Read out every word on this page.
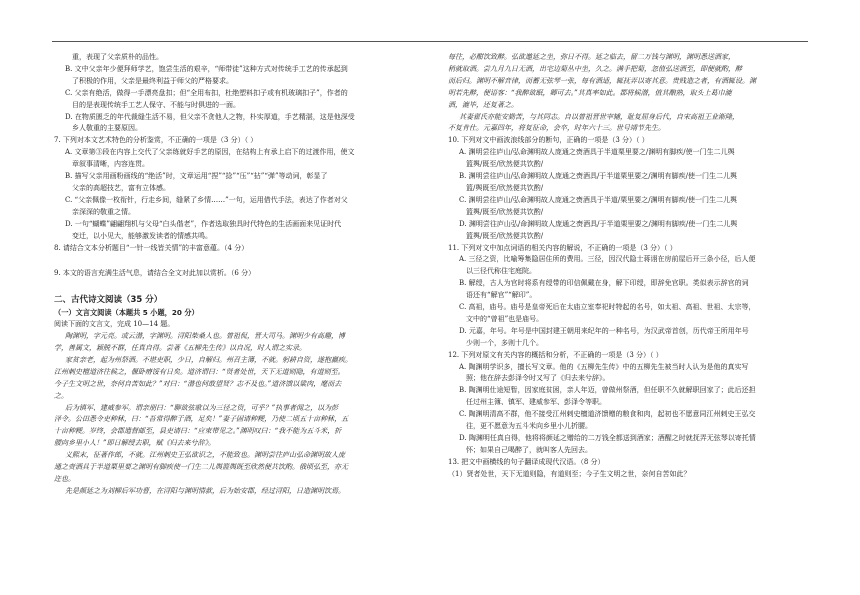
重，表现了父亲质朴的品性。
B. 文中父亲年少便拜师学艺，饱尝生活的艰辛，“师带徒”这种方式对传统手工艺的传承起到
了积极的作用，父亲是最终利益于师父的严格要求。
C. 父亲有绝活，做得一手漂亮盘扣；但“全用布扣，杜绝塑料扣子或有机玻璃扣子”，作者的
目的是表现传统手工艺人保守、不能与时俱进的一面。
D. 在物质匮乏的年代裁缝生活不易，但父亲不贪他人之物，朴实厚道，手艺精湛，这是他深受
乡人敬重的主要原因。
7. 下列对本文艺术特色的分析鉴赏，不正确的一项是（3 分）（ ）
A. 文章第③段在内容上交代了父亲练就好手艺的原因，在结构上有承上启下的过渡作用，使文
章叙事清晰，内容连贯。
B. 描写父亲用画粉画线的“绝活”时，文章运用“捏”“捻”“压”“拈”“弹”等动词，彰显了
父亲的高超技艺，富有立体感。
C. “父亲佩像一枚衔针，行走乡间，缝紧了乡情……”一句，运用借代手法，表达了作者对父
亲深深的敬重之情。
D. 一句“蝴蝶”翩翩翔机与父母“白头偕老”，作者选取独具时代特色的生活画面来见证时代
变迁，以小见大，能够激发读者的情感共鸣。
8. 请结合文本分析题目“一针一线皆关情”的丰富意蕴。（4 分）
9. 本文的语言充满生活气息，请结合全文对此加以赏析。（6 分）
二、古代诗文阅读（35 分）
（一）文言文阅读（本题共 5 小题，20 分）
阅读下面的文言文，完成 10—14 题。
陶渊明，字元亮。或云潜，字渊明。浔阳柴桑人也。曾祖侃，晋大司马。渊明少有高趣，博
学，善属文，颖脱不群，任真自得。尝著《五柳先生传》以自况，时人谓之实录。
家贫亲老，起为州祭酒。不堪吏职，少日，自解归。州召主簿，不就。躬耕自资，遂抱羸疾。
江州刺史檀道济往候之，偃卧瘠馁有日矣。道济谓曰：“贤者处世，天下无道则隐，有道则至。
今子生文明之世，奈何自苦如此？”对曰：“潜也何敢望贤？志不及也。”道济馈以粱肉，麾而去
之。
后为镇军、建威参军。谓亲朋曰：“聊欲弦歌以为三径之资，可乎？”执事者闻之，以为彭
泽令。公田悉令吏种秫，曰：“吾常得醉于酒，足矣！”妻子固请种粳，乃使二顷五十亩种秫，五
十亩种粳。岁终，会郡遣督邮至，县吏请曰：“应束带见之。”渊明叹曰：“我不能为五斗米，折
腰向乡里小人！”即日解绶去职，赋《归去来兮辞》。
义熙末，征著作郎，不就。江州刺史王弘欲识之，不能致也。渊明尝往庐山弘命渊明故人庞
通之赍酒具于半道栗里要之渊明有脚疾使一门生二儿舆篮舆既至欣然便共饮酌。俄顷弘至，亦无
迕也。
先是颜延之为刘柳后军功曹，在浔阳与渊明情款，后为始安郡，经过浔阳，日造渊明饮焉。
每往，必酣饮致醉。弘欲邀延之坐，弥日不得。延之临去，留二万钱与渊明，渊明悉送酒家，
稍就取酒。尝九月九日无酒，出宅边菊丛中坐，久之。满手把菊，忽值弘送酒至，即便就酌，醉
而后归。渊明不解音律，而蓄无弦琴一张，每有酒适，辄抚弄以寄其意。贵贱造之者，有酒辄设。渊
明若先醉，便语客：“我醉欲眠，卿可去。”其真率如此。郡将候潜，值其酿熟，取头上葛巾漉
酒，漉毕，还复著之。
其妻翟氏亦能安勤苦，与其同志。自以曾祖晋世宰辅，耻复屈身后代，自宋高祖王业渐隆，
不复肯仕。元嘉四年，将复征命，会卒，时年六十三。世号靖节先生。
10. 下列对文中画波浪线部分的断句，正确的一项是（3 分）（ ）
A. 渊明尝往庐山/弘命渊明故人庞通之赍酒具于半道栗里要之/渊明有脚疾/使一门生二儿舆
篮舆/既至/欣然便共饮酌/
B. 渊明尝往庐山/弘命渊明故人庞通之赍酒具/于半道栗里要之/渊明有脚疾/使一门生二儿舆
篮/舆既至/欣然便共饮酌/
C. 渊明尝往庐山/弘命渊明故人庞通之赍酒具于半道/栗里要之/渊明有脚疾/使一门生二儿舆
篮舆/既至/欣然便共饮酌/
D. 渊明尝往庐山弘/命渊明故人庞通之赍酒具/于半道栗里要之/渊明有脚疾/使一门生二儿舆
篮舆/既至/欣然便共饮酌/
11. 下列对文中加点词语的相关内容的解说，不正确的一项是（3 分）（ ）
A. 三径之资，比喻筹集隐居住所的费用。三径，因汉代隐士蒋诩在房前屋后开三条小径，后人便
以三径代称住宅庭院。
B. 解绶，古人为官时将系有绶带的印信佩戴在身，解下印绶，即辞免官职。类似表示辞官的词
语还有“解官”“解印”。
C. 高祖，庙号。庙号是皇帝死后在太庙立室奉祀时特起的名号，如太祖、高祖、世祖、太宗等，
文中的“曾祖”也是庙号。
D. 元嘉，年号。年号是中国封建王朝用来纪年的一种名号，为汉武帝首创，历代帝王所用年号
少则一个，多则十几个。
12. 下列对原文有关内容的概括和分析，不正确的一项是（3 分）（ ）
A. 陶渊明学识多，擅长写文章。他的《五柳先生传》中的五柳先生被当时人认为是他的真实写
照；他在辞去彭泽令时又写了《归去来兮辞》。
B. 陶渊明仕途短暂，因家庭贫困，亲人年迈，曾做州祭酒，但任职不久就解职回家了；此后还担
任过州主簿、镇军、建威参军、彭泽令等职。
C. 陶渊明清高不群，他不接受江州刺史檀道济馈赠的粮食和肉，起初也不愿意同江州刺史王弘交
往，更不愿意为五斗米向乡里小儿折腰。
D. 陶渊明任真自得，他将将颜延之赠给的二万钱全都送到酒家；酒醒之时就抚弄无弦琴以寄托情
怀；如果自己喝醉了，就叫客人先回去。
13. 把文中画横线的句子翻译成现代汉语。（8 分）
（1）贤者处世，天下无道则隐，有道则至；今子生文明之世，奈何自苦如此？
